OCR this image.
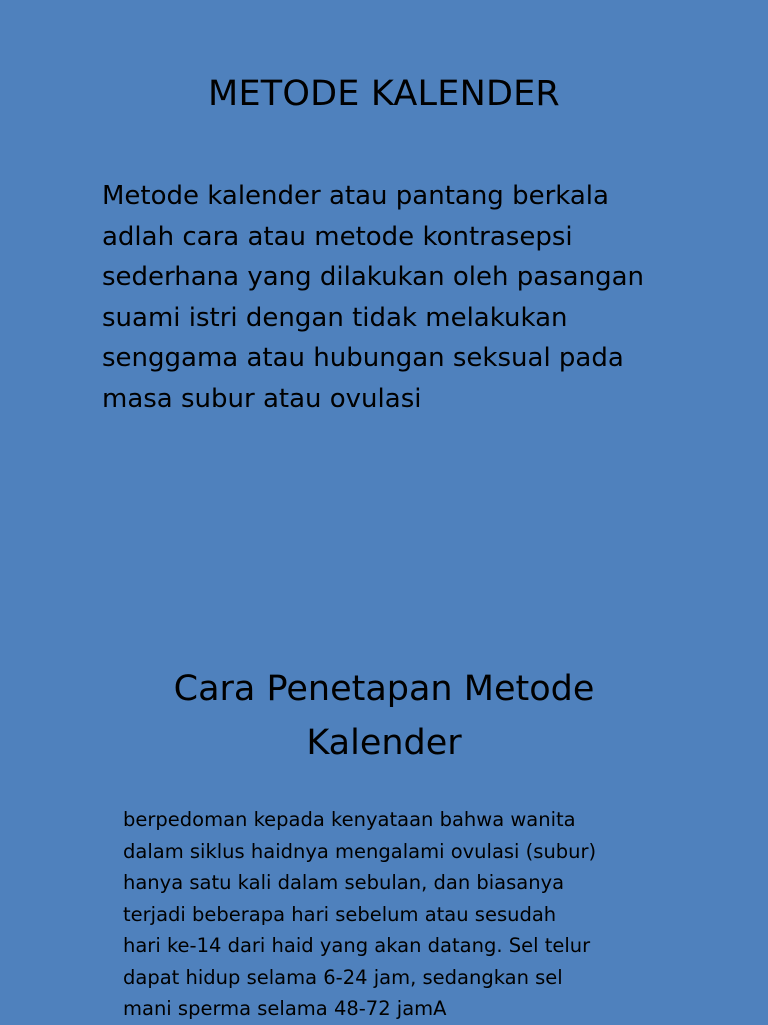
METODE KALENDER

Metode kalender atau pantang berkala
adlah cara atau metode kontrasepsi
sederhana yang dilakukan oleh pasangan
suami istri dengan tidak melakukan
senggama atau hubungan seksual pada
masa subur atau ovulasi

Cara Penetapan Metode
Kalender

berpedoman kepada kenyataan bahwa wanita
dalam siklus haidnya mengalami ovulasi (subur)
hanya satu kali dalam sebulan, dan biasanya
terjadi beberapa hari sebelum atau sesudah
hari ke-14 dari haid yang akan datang. Sel telur
dapat hidup selama 6-24 jam, sedangkan sel
mani sperma selama 48-72 jamA
